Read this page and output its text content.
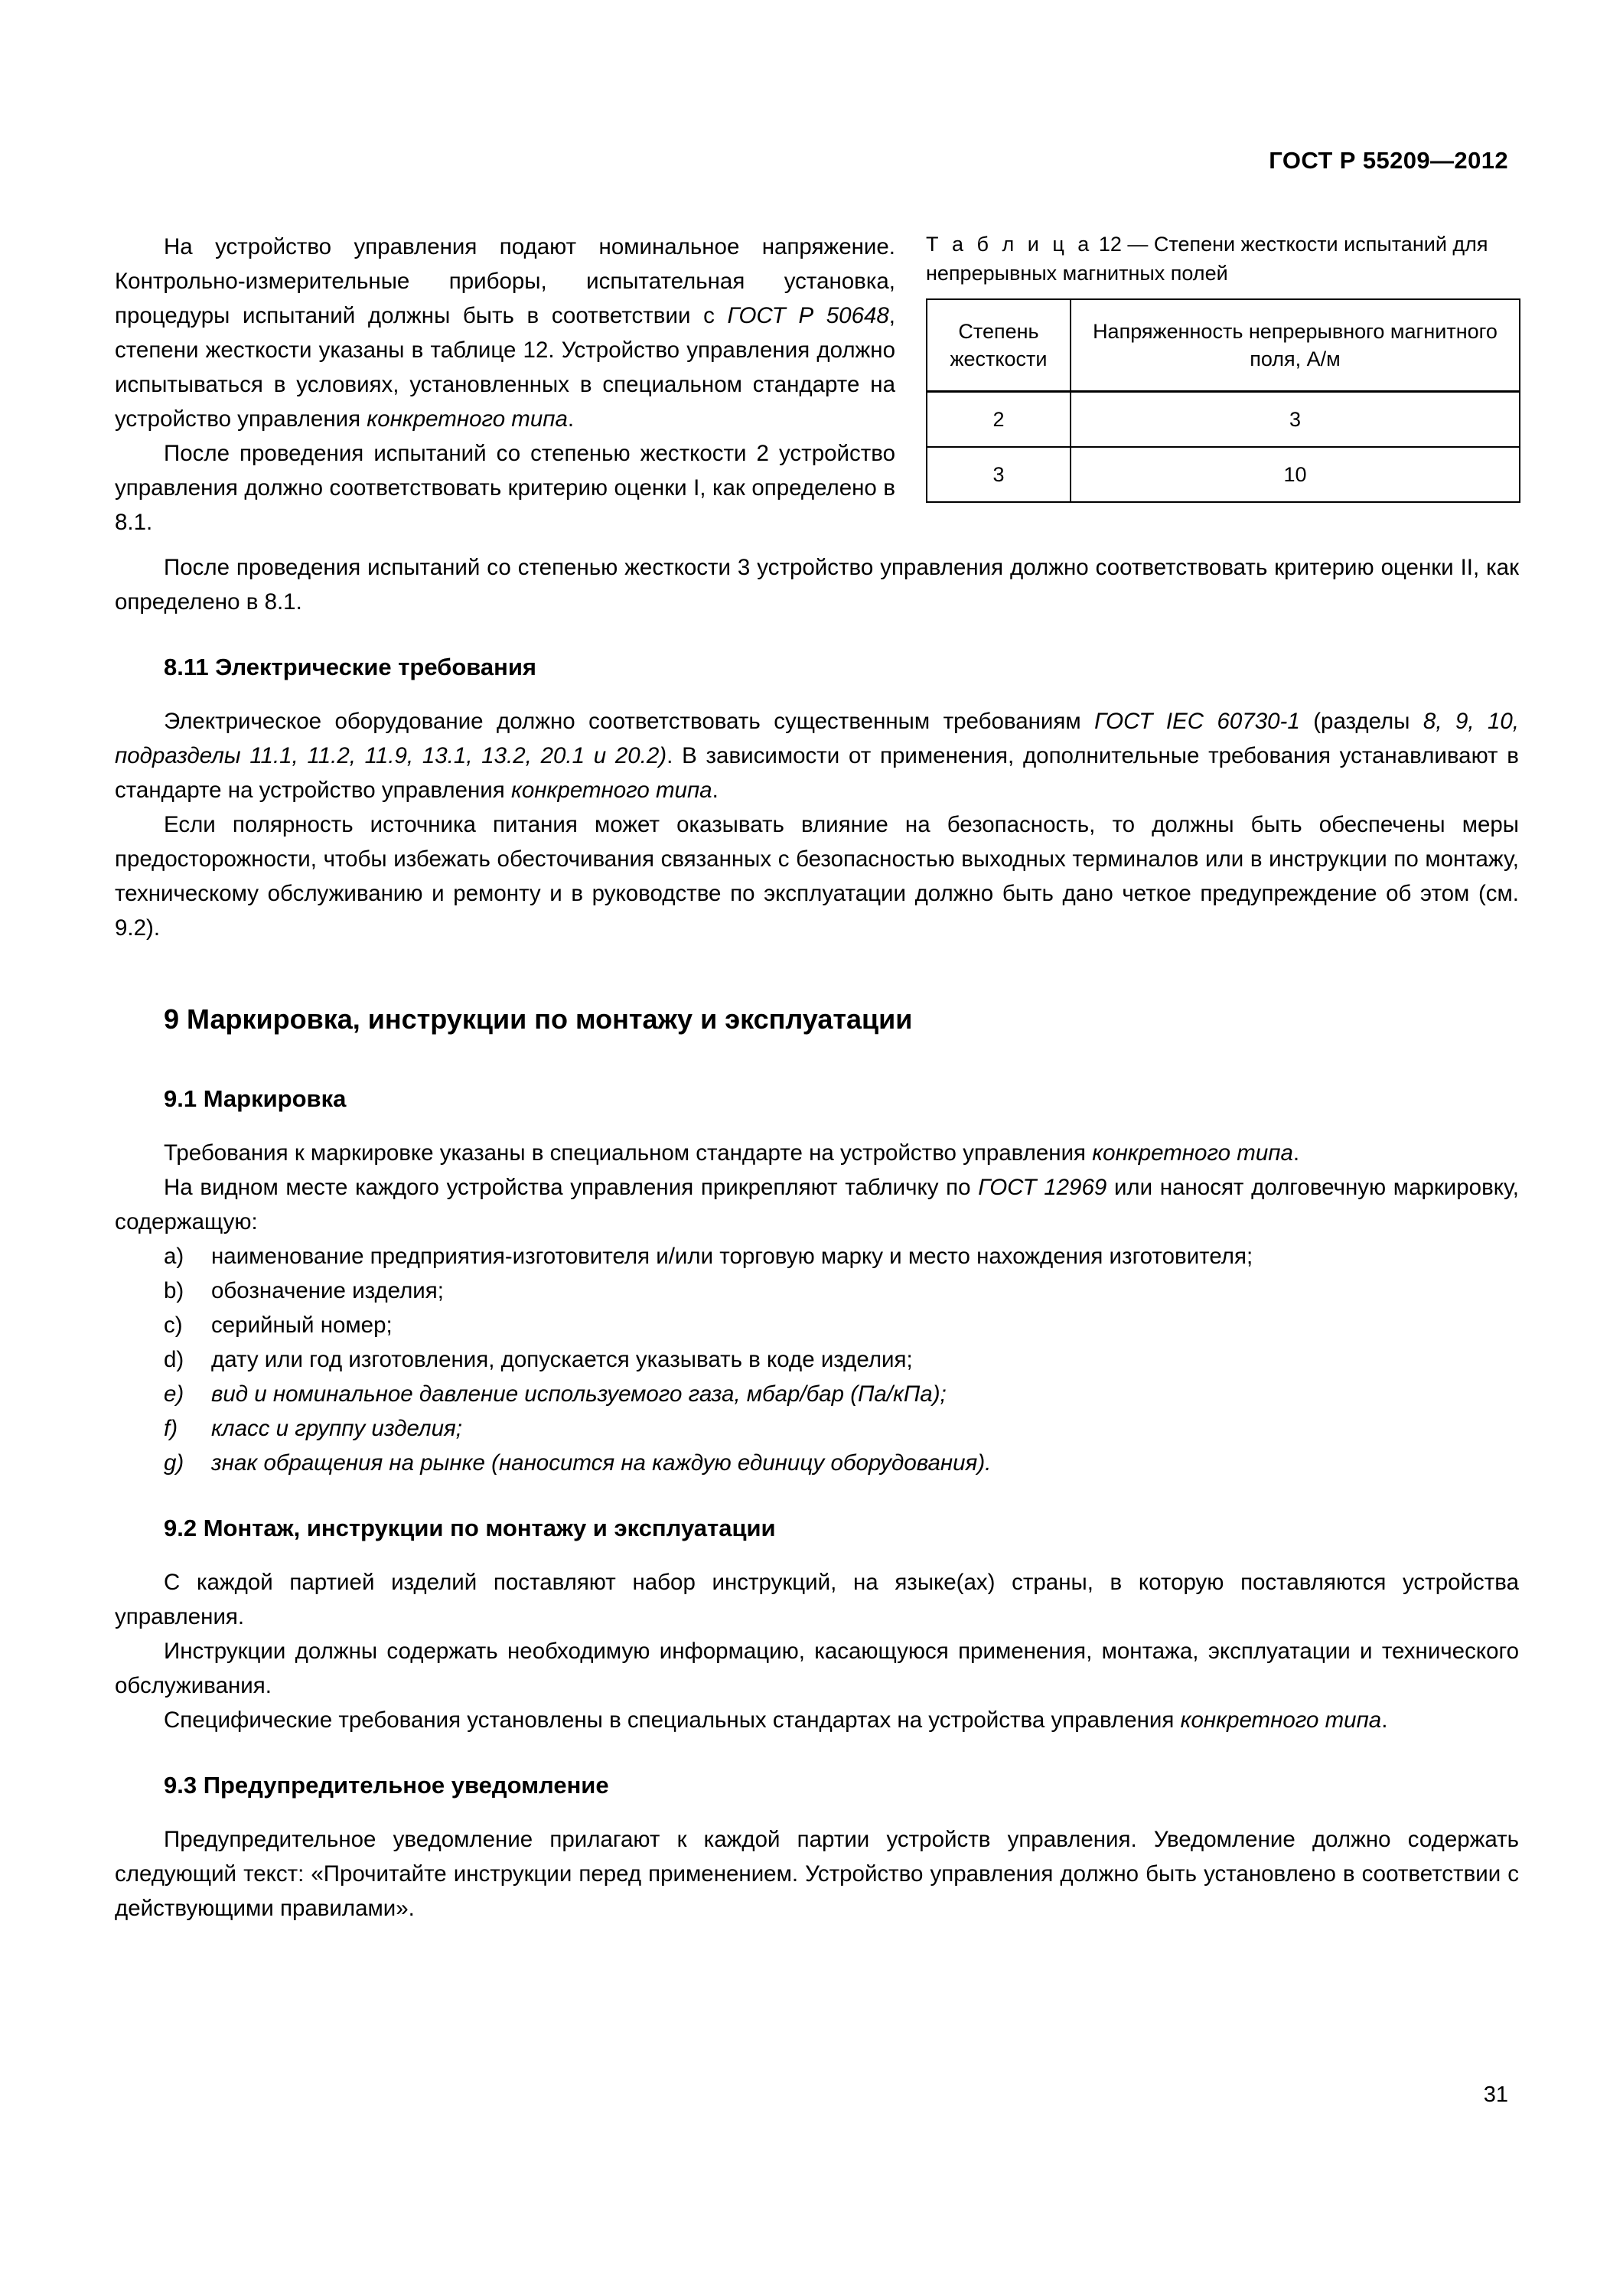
ГОСТ Р 55209—2012
Т а б л и ц а 12 — Степени жесткости испытаний для непрерывных магнитных полей
Степень жесткости	Напряженность непрерывного магнитного поля, А/м
2	3
3	10

На устройство управления подают номинальное напряжение. Контрольно-измерительные приборы, испытательная установка, процедуры испытаний должны быть в соответствии с ГОСТ Р 50648, степени жесткости указаны в таблице 12. Устройство управления должно испытываться в условиях, установленных в специальном стандарте на устройство управления конкретного типа.

После проведения испытаний со степенью жесткости 2 устройство управления должно соответствовать критерию оценки I, как определено в 8.1.

После проведения испытаний со степенью жесткости 3 устройство управления должно соответствовать критерию оценки II, как определено в 8.1.

8.11 Электрические требования

Электрическое оборудование должно соответствовать существенным требованиям ГОСТ IEC 60730-1 (разделы 8, 9, 10, подразделы 11.1, 11.2, 11.9, 13.1, 13.2, 20.1 и 20.2). В зависимости от применения, дополнительные требования устанавливают в стандарте на устройство управления конкретного типа.

Если полярность источника питания может оказывать влияние на безопасность, то должны быть обеспечены меры предосторожности, чтобы избежать обесточивания связанных с безопасностью выходных терминалов или в инструкции по монтажу, техническому обслуживанию и ремонту и в руководстве по эксплуатации должно быть дано четкое предупреждение об этом (см. 9.2).

9 Маркировка, инструкции по монтажу и эксплуатации
9.1 Маркировка

Требования к маркировке указаны в специальном стандарте на устройство управления конкретного типа.

На видном месте каждого устройства управления прикрепляют табличку по ГОСТ 12969 или наносят долговечную маркировку, содержащую:

a) наименование предприятия-изготовителя и/или торговую марку и место нахождения изготовителя;
b) обозначение изделия;
c) серийный номер;
d) дату или год изготовления, допускается указывать в коде изделия;
e) вид и номинальное давление используемого газа, мбар/бар (Па/кПа);
f) класс и группу изделия;
g) знак обращения на рынке (наносится на каждую единицу оборудования).
9.2 Монтаж, инструкции по монтажу и эксплуатации

С каждой партией изделий поставляют набор инструкций, на языке(ах) страны, в которую поставляются устройства управления.

Инструкции должны содержать необходимую информацию, касающуюся применения, монтажа, эксплуатации и технического обслуживания.

Специфические требования установлены в специальных стандартах на устройства управления конкретного типа.

9.3 Предупредительное уведомление

Предупредительное уведомление прилагают к каждой партии устройств управления. Уведомление должно содержать следующий текст: «Прочитайте инструкции перед применением. Устройство управления должно быть установлено в соответствии с действующими правилами».

31
